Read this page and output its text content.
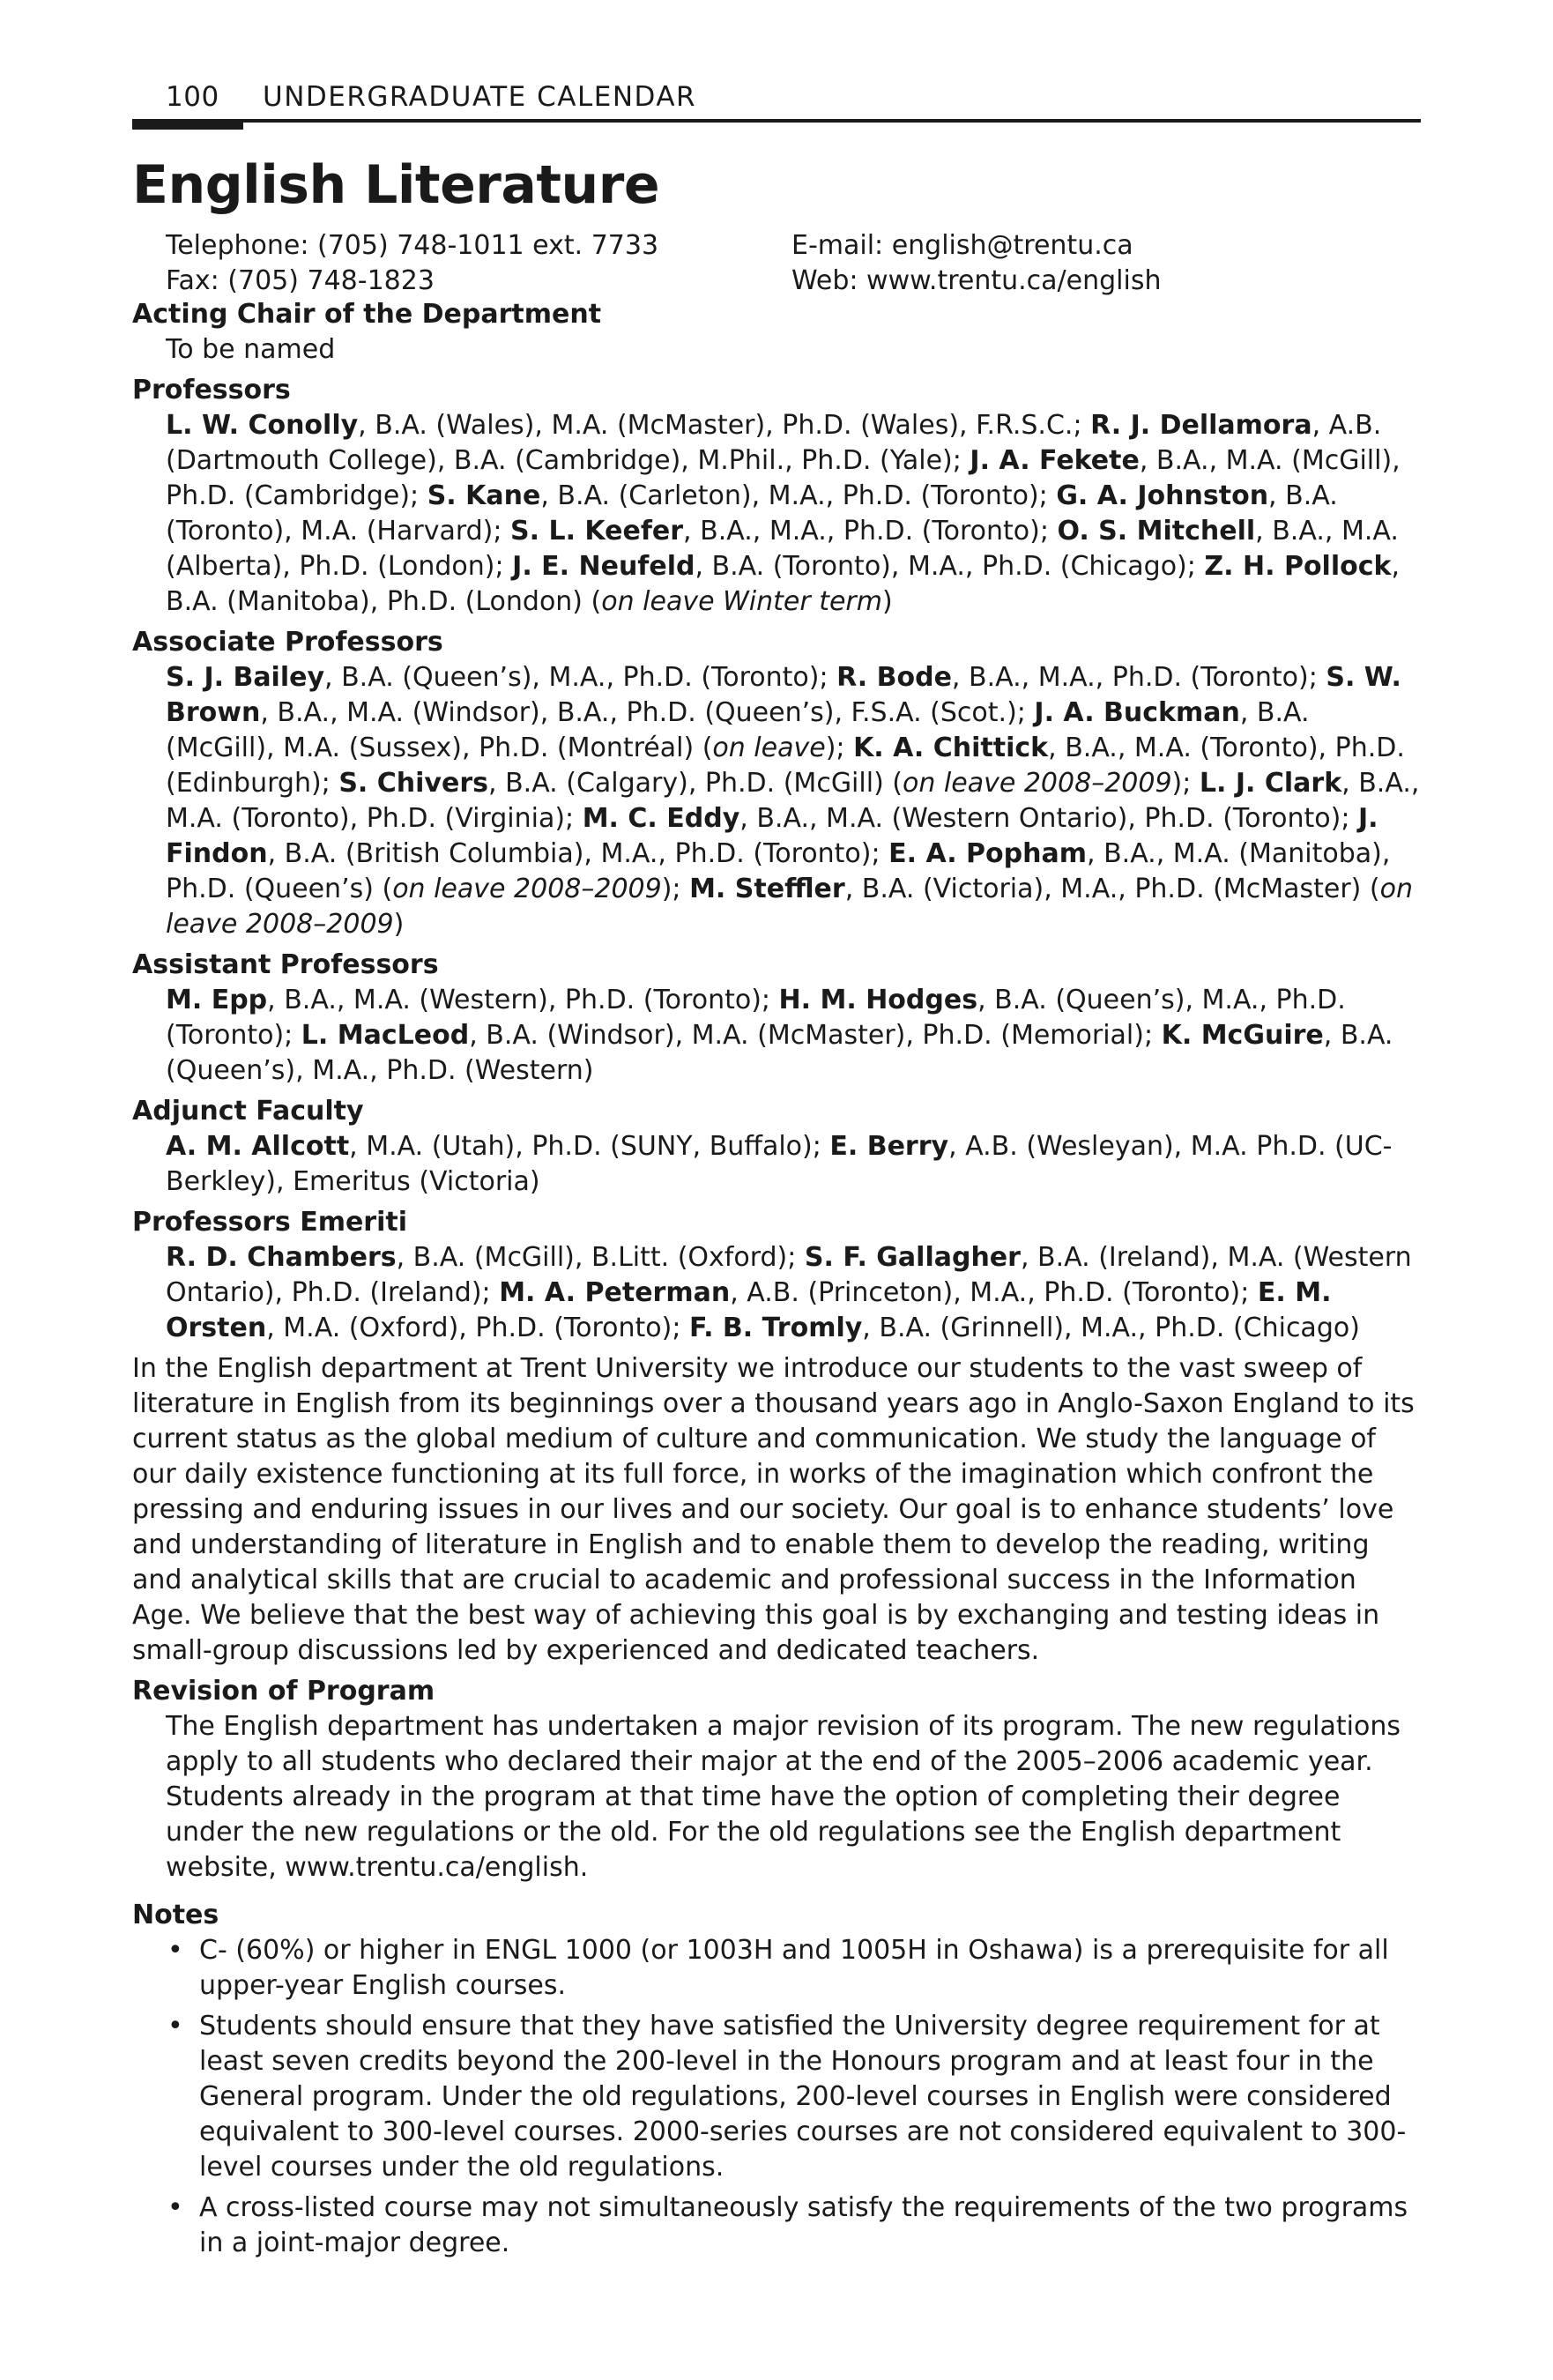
100 UNDERGRADUATE CALENDAR
English Literature
Telephone: (705) 748-1011 ext. 7733
Fax: (705) 748-1823
E-mail: english@trentu.ca
Web: www.trentu.ca/english

Acting Chair of the Department

To be named

Professors

L. W. Conolly, B.A. (Wales), M.A. (McMaster), Ph.D. (Wales), F.R.S.C.; R. J. Dellamora, A.B. (Dartmouth College), B.A. (Cambridge), M.Phil., Ph.D. (Yale); J. A. Fekete, B.A., M.A. (McGill), Ph.D. (Cambridge); S. Kane, B.A. (Carleton), M.A., Ph.D. (Toronto); G. A. Johnston, B.A. (Toronto), M.A. (Harvard); S. L. Keefer, B.A., M.A., Ph.D. (Toronto); O. S. Mitchell, B.A., M.A. (Alberta), Ph.D. (London); J. E. Neufeld, B.A. (Toronto), M.A., Ph.D. (Chicago); Z. H. Pollock, B.A. (Manitoba), Ph.D. (London) (on leave Winter term)

Associate Professors

S. J. Bailey, B.A. (Queen’s), M.A., Ph.D. (Toronto); R. Bode, B.A., M.A., Ph.D. (Toronto); S. W. Brown, B.A., M.A. (Windsor), B.A., Ph.D. (Queen’s), F.S.A. (Scot.); J. A. Buckman, B.A. (McGill), M.A. (Sussex), Ph.D. (Montréal) (on leave); K. A. Chittick, B.A., M.A. (Toronto), Ph.D. (Edinburgh); S. Chivers, B.A. (Calgary), Ph.D. (McGill) (on leave 2008–2009); L. J. Clark, B.A., M.A. (Toronto), Ph.D. (Virginia); M. C. Eddy, B.A., M.A. (Western Ontario), Ph.D. (Toronto); J. Findon, B.A. (British Columbia), M.A., Ph.D. (Toronto); E. A. Popham, B.A., M.A. (Manitoba), Ph.D. (Queen’s) (on leave 2008–2009); M. Steffler, B.A. (Victoria), M.A., Ph.D. (McMaster) (on leave 2008–2009)

Assistant Professors

M. Epp, B.A., M.A. (Western), Ph.D. (Toronto); H. M. Hodges, B.A. (Queen’s), M.A., Ph.D. (Toronto); L. MacLeod, B.A. (Windsor), M.A. (McMaster), Ph.D. (Memorial); K. McGuire, B.A. (Queen’s), M.A., Ph.D. (Western)

Adjunct Faculty

A. M. Allcott, M.A. (Utah), Ph.D. (SUNY, Buffalo); E. Berry, A.B. (Wesleyan), M.A. Ph.D. (UC-Berkley), Emeritus (Victoria)

Professors Emeriti

R. D. Chambers, B.A. (McGill), B.Litt. (Oxford); S. F. Gallagher, B.A. (Ireland), M.A. (Western Ontario), Ph.D. (Ireland); M. A. Peterman, A.B. (Princeton), M.A., Ph.D. (Toronto); E. M. Orsten, M.A. (Oxford), Ph.D. (Toronto); F. B. Tromly, B.A. (Grinnell), M.A., Ph.D. (Chicago)

In the English department at Trent University we introduce our students to the vast sweep of literature in English from its beginnings over a thousand years ago in Anglo-Saxon England to its current status as the global medium of culture and communication. We study the language of our daily existence functioning at its full force, in works of the imagination which confront the pressing and enduring issues in our lives and our society. Our goal is to enhance students’ love and understanding of literature in English and to enable them to develop the reading, writing and analytical skills that are crucial to academic and professional success in the Information Age. We believe that the best way of achieving this goal is by exchanging and testing ideas in small-group discussions led by experienced and dedicated teachers.

Revision of Program

The English department has undertaken a major revision of its program. The new regulations apply to all students who declared their major at the end of the 2005–2006 academic year. Students already in the program at that time have the option of completing their degree under the new regulations or the old. For the old regulations see the English department website, www.trentu.ca/english.

Notes

• C- (60%) or higher in ENGL 1000 (or 1003H and 1005H in Oshawa) is a prerequisite for all upper-year English courses.
• Students should ensure that they have satisfied the University degree requirement for at least seven credits beyond the 200-level in the Honours program and at least four in the General program. Under the old regulations, 200-level courses in English were considered equivalent to 300-level courses. 2000-series courses are not considered equivalent to 300-level courses under the old regulations.
• A cross-listed course may not simultaneously satisfy the requirements of the two programs in a joint-major degree.
